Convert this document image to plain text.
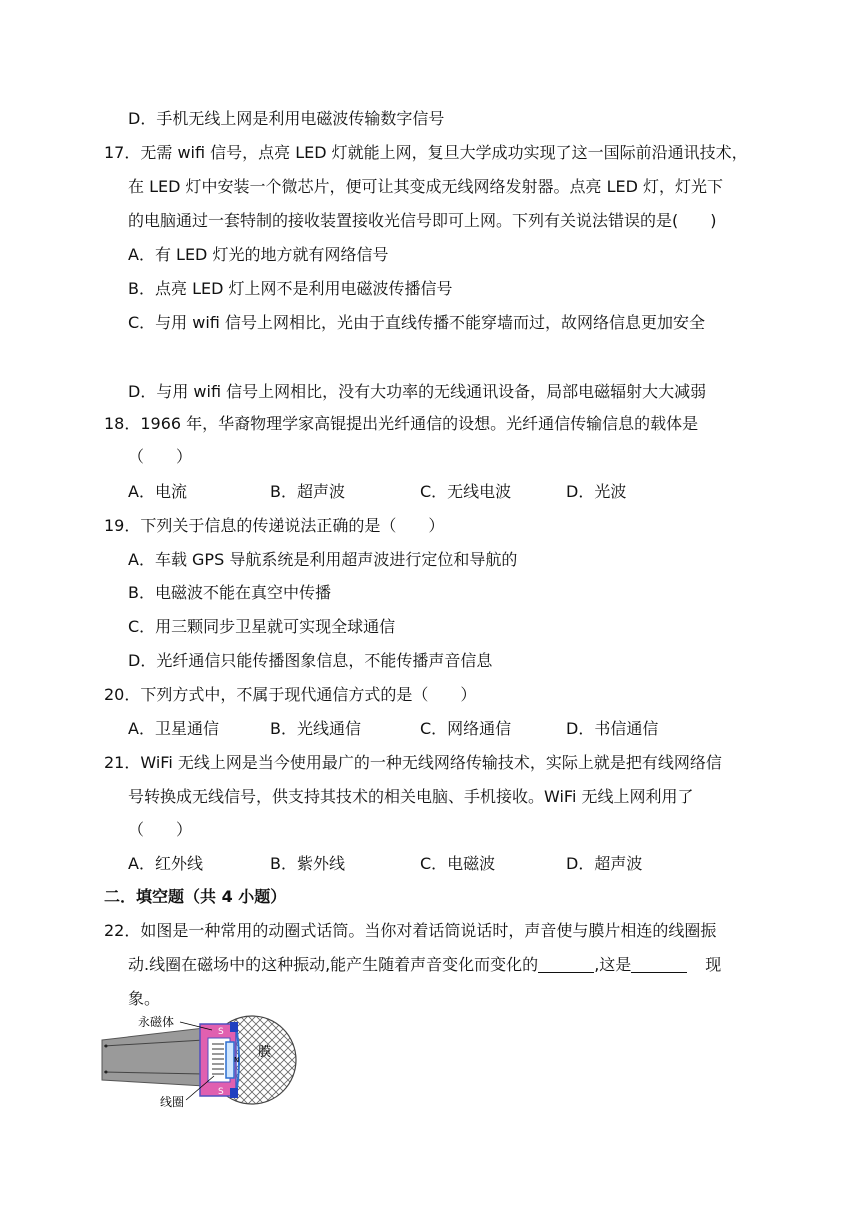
D．手机无线上网是利用电磁波传输数字信号
17．无需 wifi 信号，点亮 LED 灯就能上网，复旦大学成功实现了这一国际前沿通讯技术，
在 LED 灯中安装一个微芯片，便可让其变成无线网络发射器。点亮 LED 灯，灯光下
的电脑通过一套特制的接收装置接收光信号即可上网。下列有关说法错误的是(　　)
A．有 LED 灯光的地方就有网络信号
B．点亮 LED 灯上网不是利用电磁波传播信号
C．与用 wifi 信号上网相比，光由于直线传播不能穿墙而过，故网络信息更加安全
D．与用 wifi 信号上网相比，没有大功率的无线通讯设备，局部电磁辐射大大减弱
18．1966 年，华裔物理学家高锟提出光纤通信的设想。光纤通信传输信息的载体是
（　　）
A．电流	B．超声波	C．无线电波	D．光波
19．下列关于信息的传递说法正确的是（　　）
A．车载 GPS 导航系统是利用超声波进行定位和导航的
B．电磁波不能在真空中传播
C．用三颗同步卫星就可实现全球通信
D．光纤通信只能传播图象信息，不能传播声音信息
20．下列方式中，不属于现代通信方式的是（　　）
A．卫星通信	B．光线通信	C．网络通信	D．书信通信
21．WiFi 无线上网是当今使用最广的一种无线网络传输技术，实际上就是把有线网络信
号转换成无线信号，供支持其技术的相关电脑、手机接收。WiFi 无线上网利用了
（　　）
A．红外线	B．紫外线	C．电磁波	D．超声波
二．填空题（共 4 小题）
22．如图是一种常用的动圈式话筒。当你对着话筒说话时，声音使与膜片相连的线圈振
动.线圈在磁场中的这种振动,能产生随着声音变化而变化的	,这是	现
象。
S
S
N
永磁体
线圈
膜
